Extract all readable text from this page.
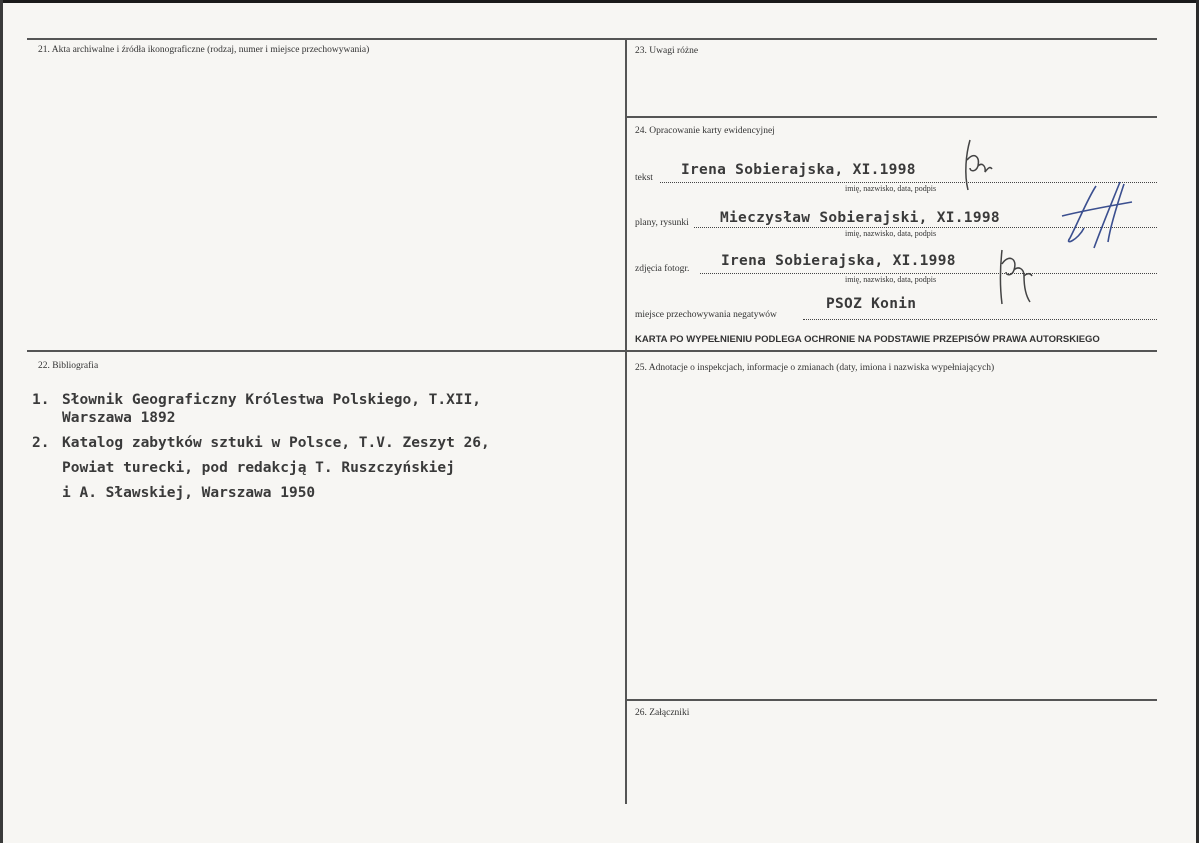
21. Akta archiwalne i źródła ikonograficzne (rodzaj, numer i miejsce przechowywania)	23. Uwagi różne
24. Opracowanie karty ewidencyjnej
tekst Irena Sobierajska, XI.1998
imię, nazwisko, data, podpis
plany, rysunki Mieczysław Sobierajski, XI.1998
imię, nazwisko, data, podpis
zdjęcia fotogr. Irena Sobierajska, XI.1998
imię, nazwisko, data, podpis
miejsce przechowywania negatywów
PSOZ Konin
KARTA PO WYPEŁNIENIU PODLEGA OCHRONIE NA PODSTAWIE PRZEPISÓW PRAWA AUTORSKIEGO
22. Bibliografia
1. Słownik Geograficzny Królestwa Polskiego, T.XII,
Warszawa 1892
2. Katalog zabytków sztuki w Polsce, T.V. Zeszyt 26,
Powiat turecki, pod redakcją T. Ruszczyńskiej
i A. Sławskiej, Warszawa 1950
25. Adnotacje o inspekcjach, informacje o zmianach (daty, imiona i nazwiska wypełniających)
26. Załączniki
